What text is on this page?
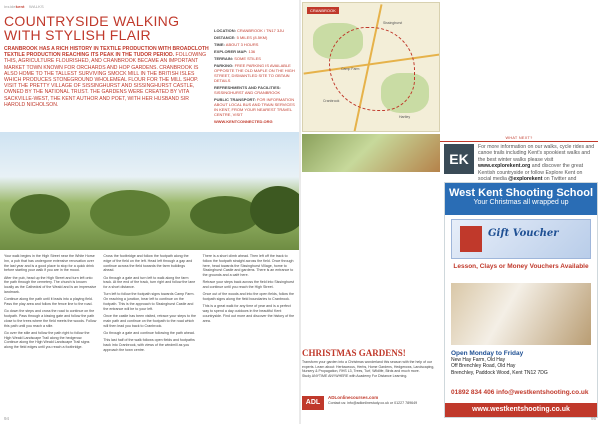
insidekent WALKS
COUNTRYSIDE WALKING WITH STYLISH FLAIR
CRANBROOK HAS A RICH HISTORY IN TEXTILE PRODUCTION WITH BROADCLOTH TEXTILE PRODUCTION REACHING ITS PEAK IN THE TUDOR PERIOD. FOLLOWING THIS, AGRICULTURE FLOURISHED, AND CRANBROOK BECAME AN IMPORTANT MARKET TOWN KNOWN FOR ORCHARDS AND HOP GARDENS. CRANBROOK IS ALSO HOME TO THE TALLEST SURVIVING SMOCK MILL IN THE BRITISH ISLES WHICH PRODUCES STONEGROUND WHOLEMEAL FLOUR FOR THE MILL SHOP. VISIT THE PRETTY VILLAGE OF SISSINGHURST AND SISSINGHURST CASTLE, OWNED BY THE NATIONAL TRUST. THE GARDENS WERE CREATED BY VITA SACKVILLE-WEST, THE KENT AUTHOR AND POET, WITH HER HUSBAND SIR HAROLD NICHOLSON.
LOCATION: CRANBROOK / TN17 3JU
DISTANCE: 5 MILES (8.5KM)
TIME: ABOUT 3 HOURS
EXPLORER MAP: 136
TERRAIN: SOME STILES
PARKING: FREE PARKING IS AVAILABLE OPPOSITE THE OLD MAPLE ON THE HIGH STREET, DISMANTLED SITE TO OBTAIN DETAILS
REFRESHMENTS AND FACILITIES:
SISSINGHURST AND CRANBROOK
PUBLIC TRANSPORT: FOR INFORMATION ABOUT LOCAL BUS AND TRAIN SERVICES IN KENT, FROM YOUR NEAREST TRAVEL CENTRE, VISIT
WWW.KENTCONNECTED.ORG

Your walk begins in the High Street near the White Horse Inn, a pub that has undergone extensive renovation over the last year and is a good place to stop for a quick drink before starting your walk if you are in the mood.

After the pub, head up the High Street and turn left onto the path through the cemetery. The church is known locally as the Cathedral of the Weald and is an impressive landmark.

Continue along the path until it leads into a playing field. Pass the play area and follow the fence line to the road.

Go down the steps and cross the road to continue on the footpath. Pass through a kissing gate and follow the path close to the trees where the field meets the woods. Follow this path until you reach a stile.

Go over the stile and follow the path right to follow the High Weald Landscape Trail along the hedgerow. Continue along the High Weald Landscape Trail signs along the field edges until you reach a footbridge.

Cross the footbridge and follow the footpath along the edge of the field on the left. Head left through a gap and continue across the field towards the farm buildings ahead.

Go through a gate and turn left to walk along the farm track. At the end of the track, turn right and follow the lane for a short distance.

Turn left to follow the footpath signs towards Camp Farm. On reaching a junction, bear left to continue on the footpath. This is the approach to Sissinghurst Castle and the entrance will be to your left.

Once the castle has been visited, retrace your steps to the main path and continue on the footpath to the road which will then lead you back to Cranbrook.

Go through a gate and continue following the path ahead.

This last half of the walk follows open fields and footpaths back into Cranbrook, with views of the windmill as you approach the town centre.

There is a short climb ahead. Then left off the track to follow the footpath straight across the field. Once through here, head towards the Sissinghurst Village, home to Sissinghurst Castle and gardens. There is an entrance to the grounds and a café here.

Retrace your steps back across the field into Sissinghurst and continue until you reach the High Street.

Once out of the woods and into the open fields, follow the footpath signs along the field boundaries to Cranbrook.

This is a great walk for any time of year and is a perfect way to spend a day outdoors in the beautiful Kent countryside. Find out more and discover the history of the area.

94
CRANBROOK
Sissinghurst
Cranbrook
Hartley
Camp Farm
WHAT NEXT?
EK
For more information on our walks, cycle rides and canoe trails including Kent's spookiest walks and the best winter walks please visit www.explorekent.org and discover the great Kentish countryside or follow Explore Kent on social media @explorekent on Twitter and
West Kent Shooting School
Your Christmas all wrapped up
Gift Voucher
Lesson, Clays or Money Vouchers Available
Open Monday to Friday
New Hay Farm, Old Hay
Off Brenchley Road, Old Hay
Brenchley, Paddock Wood, Kent TN12 7DG
01892 834 406 info@westkentshooting.co.uk
www.westkentshooting.co.uk
CHRISTMAS GARDENS!
Transform your garden into a Christmas wonderland this season with the help of our experts. Learn about: Herbaceous, Herbs, Home Gardens, Hedgerows, Landscaping, Nursery & Propagation, RHS L3, Trees, Turf, Wildlife, Birds and much more.
Study ANYTIME ANYWHERE with Academy For Distance Learning.
ADL
ADLonlinecourses.com
Contact us: info@adlonlinestudy.co.uk or 01227 789649
95
